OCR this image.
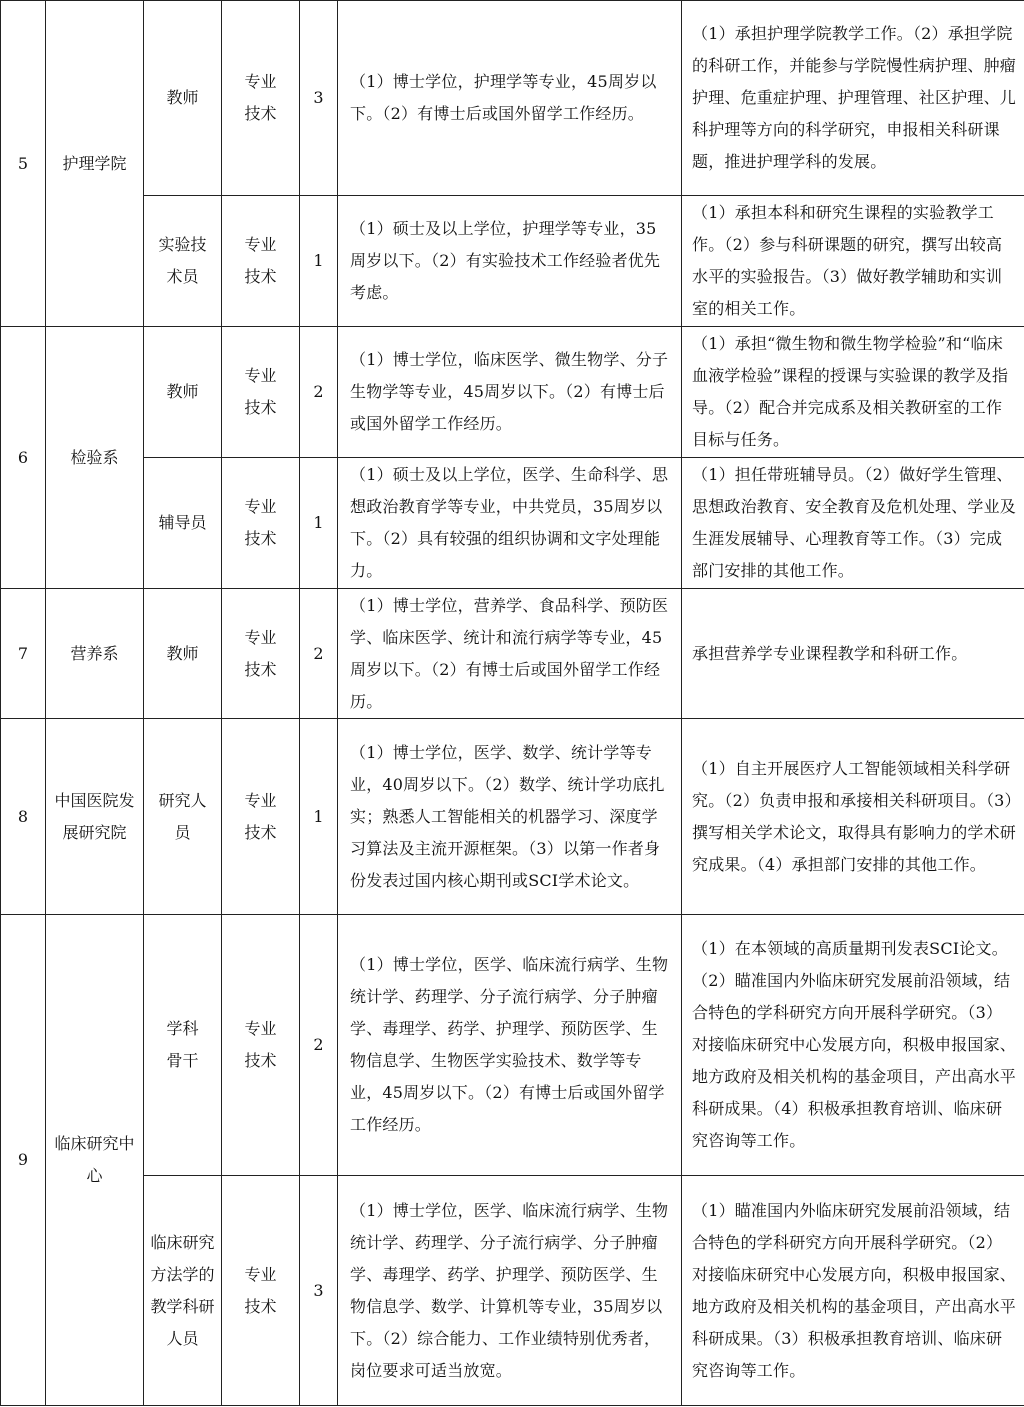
5	护理学院	教师	专业技术	3	（1）博士学位，护理学等专业，45周岁以下。（2）有博士后或国外留学工作经历。	（1）承担护理学院教学工作。（2）承担学院的科研工作，并能参与学院慢性病护理、肿瘤护理、危重症护理、护理管理、社区护理、儿科护理等方向的科学研究，申报相关科研课题，推进护理学科的发展。

		实验技术员	专业技术	1	（1）硕士及以上学位，护理学等专业，35周岁以下。（2）有实验技术工作经验者优先考虑。	（1）承担本科和研究生课程的实验教学工作。（2）参与科研课题的研究，撰写出较高水平的实验报告。（3）做好教学辅助和实训室的相关工作。
6	检验系	教师	专业技术	2	（1）博士学位，临床医学、微生物学、分子生物学等专业，45周岁以下。（2）有博士后或国外留学工作经历。	（1）承担“微生物和微生物学检验”和“临床血液学检验”课程的授课与实验课的教学及指导。（2）配合并完成系及相关教研室的工作目标与任务。

		辅导员	专业技术	1	（1）硕士及以上学位，医学、生命科学、思想政治教育学等专业，中共党员，35周岁以下。（2）具有较强的组织协调和文字处理能力。	（1）担任带班辅导员。（2）做好学生管理、思想政治教育、安全教育及危机处理、学业及生涯发展辅导、心理教育等工作。（3）完成部门安排的其他工作。
7	营养系	教师	专业技术	2	（1）博士学位，营养学、食品科学、预防医学、临床医学、统计和流行病学等专业，45周岁以下。（2）有博士后或国外留学工作经历。	承担营养学专业课程教学和科研工作。
8	中国医院发展研究院	研究人员	专业技术	1	（1）博士学位，医学、数学、统计学等专业，40周岁以下。（2）数学、统计学功底扎实；熟悉人工智能相关的机器学习、深度学习算法及主流开源框架。（3）以第一作者身份发表过国内核心期刊或SCI学术论文。	（1）自主开展医疗人工智能领域相关科学研究。（2）负责申报和承接相关科研项目。（3）撰写相关学术论文，取得具有影响力的学术研究成果。（4）承担部门安排的其他工作。
9	临床研究中心	学科骨干	专业技术	2	（1）博士学位，医学、临床流行病学、生物统计学、药理学、分子流行病学、分子肿瘤学、毒理学、药学、护理学、预防医学、生物信息学、生物医学实验技术、数学等专业，45周岁以下。（2）有博士后或国外留学工作经历。	（1）在本领域的高质量期刊发表SCI论文。（2）瞄准国内外临床研究发展前沿领域，结合特色的学科研究方向开展科学研究。（3）对接临床研究中心发展方向，积极申报国家、地方政府及相关机构的基金项目，产出高水平科研成果。（4）积极承担教育培训、临床研究咨询等工作。

		临床研究方法学的教学科研人员	专业技术	3	（1）博士学位，医学、临床流行病学、生物统计学、药理学、分子流行病学、分子肿瘤学、毒理学、药学、护理学、预防医学、生物信息学、数学、计算机等专业，35周岁以下。（2）综合能力、工作业绩特别优秀者，岗位要求可适当放宽。	（1）瞄准国内外临床研究发展前沿领域，结合特色的学科研究方向开展科学研究。（2）对接临床研究中心发展方向，积极申报国家、地方政府及相关机构的基金项目，产出高水平科研成果。（3）积极承担教育培训、临床研究咨询等工作。
